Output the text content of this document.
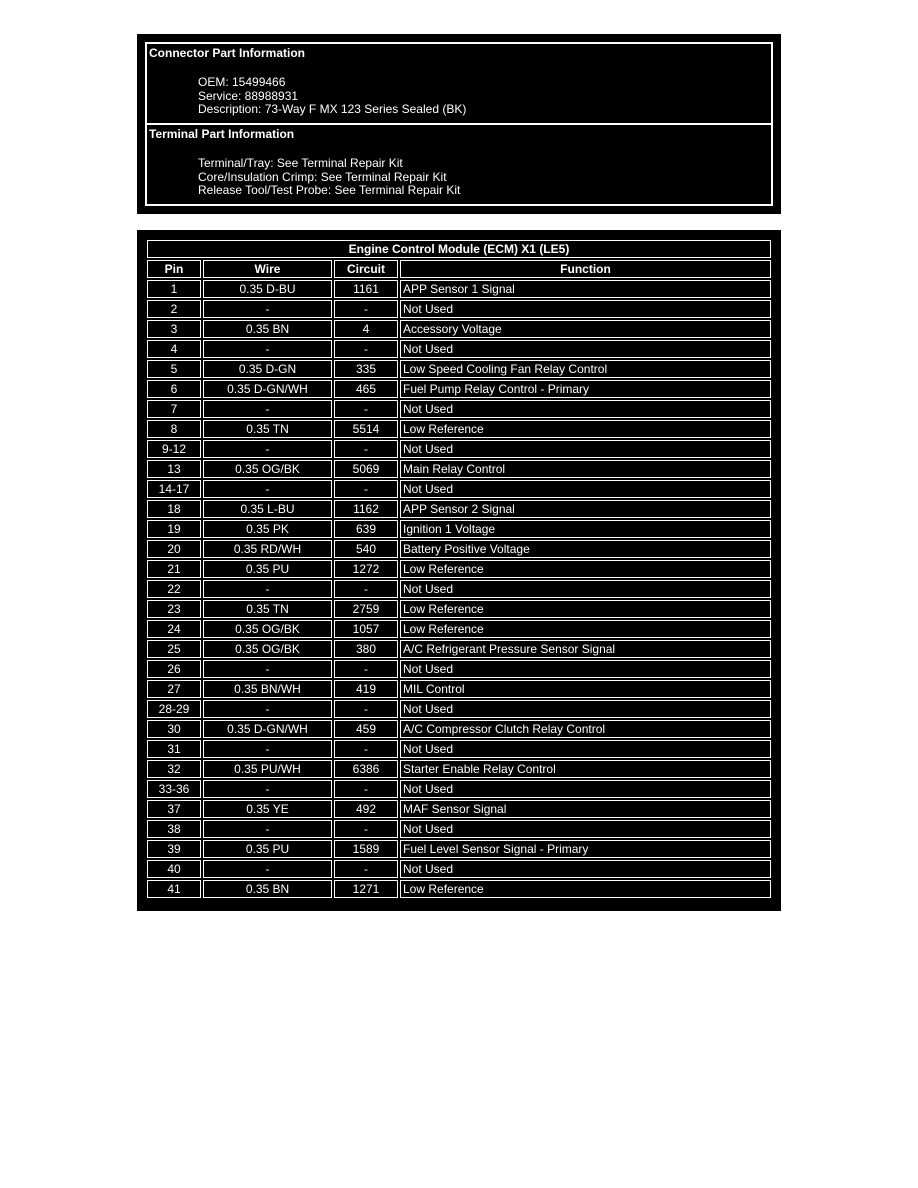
Connector Part Information
OEM: 15499466
Service: 88988931
Description: 73-Way F MX 123 Series Sealed (BK)
Terminal Part Information
Terminal/Tray: See Terminal Repair Kit
Core/Insulation Crimp: See Terminal Repair Kit
Release Tool/Test Probe: See Terminal Repair Kit
Engine Control Module (ECM) X1 (LE5)			
Pin	Wire	Circuit	Function
1	0.35 D-BU	1161	APP Sensor 1 Signal
2	-	-	Not Used
3	0.35 BN	4	Accessory Voltage
4	-	-	Not Used
5	0.35 D-GN	335	Low Speed Cooling Fan Relay Control
6	0.35 D-GN/WH	465	Fuel Pump Relay Control - Primary
7	-	-	Not Used
8	0.35 TN	5514	Low Reference
9-12	-	-	Not Used
13	0.35 OG/BK	5069	Main Relay Control
14-17	-	-	Not Used
18	0.35 L-BU	1162	APP Sensor 2 Signal
19	0.35 PK	639	Ignition 1 Voltage
20	0.35 RD/WH	540	Battery Positive Voltage
21	0.35 PU	1272	Low Reference
22	-	-	Not Used
23	0.35 TN	2759	Low Reference
24	0.35 OG/BK	1057	Low Reference
25	0.35 OG/BK	380	A/C Refrigerant Pressure Sensor Signal
26	-	-	Not Used
27	0.35 BN/WH	419	MIL Control
28-29	-	-	Not Used
30	0.35 D-GN/WH	459	A/C Compressor Clutch Relay Control
31	-	-	Not Used
32	0.35 PU/WH	6386	Starter Enable Relay Control
33-36	-	-	Not Used
37	0.35 YE	492	MAF Sensor Signal
38	-	-	Not Used
39	0.35 PU	1589	Fuel Level Sensor Signal - Primary
40	-	-	Not Used
41	0.35 BN	1271	Low Reference
